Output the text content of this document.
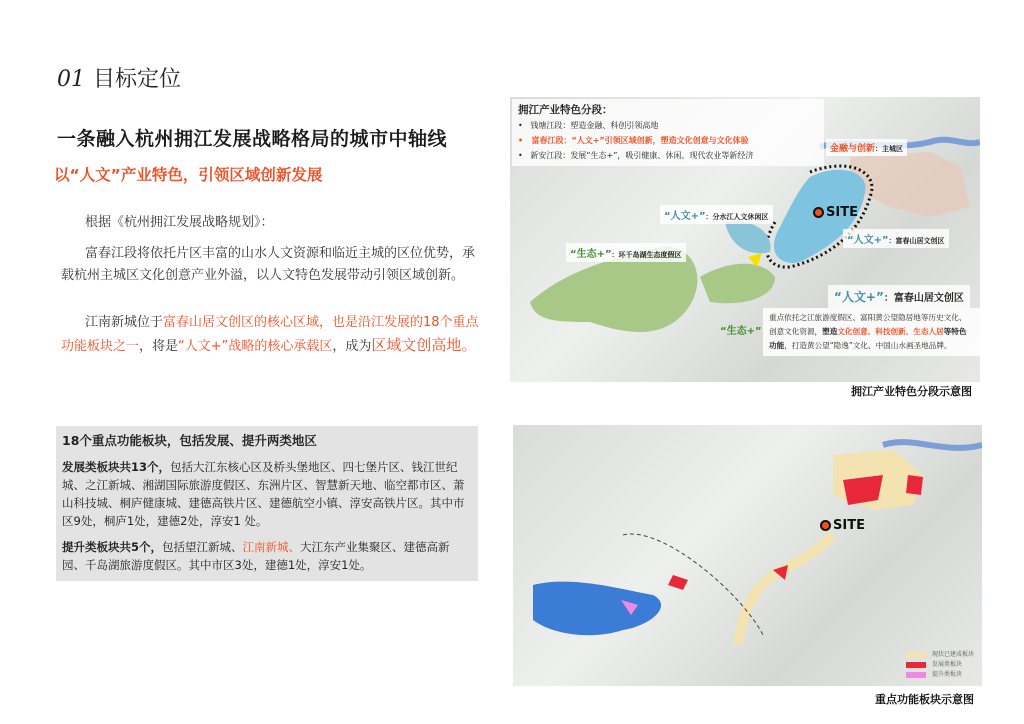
01 目标定位
一条融入杭州拥江发展战略格局的城市中轴线
以“人文”产业特色，引领区域创新发展
根据《杭州拥江发展战略规划》：
富春江段将依托片区丰富的山水人文资源和临近主城的区位优势，承载杭州主城区文化创意产业外溢，以人文特色发展带动引领区域创新。
江南新城位于富春山居文创区的核心区域，也是沿江发展的18个重点功能板块之一，将是“人文+”战略的核心承载区，成为区域文创高地。
18个重点功能板块，包括发展、提升两类地区

发展类板块共13个，包括大江东核心区及桥头堡地区、四七堡片区、钱江世纪城、之江新城、湘湖国际旅游度假区、东洲片区、智慧新天地、临空都市区、萧山科技城、桐庐健康城、建德高铁片区、建德航空小镇、淳安高铁片区。其中市区9处，桐庐1处，建德2处，淳安1 处。

提升类板块共5个，包括望江新城、江南新城、大江东产业集聚区、建德高新园、千岛湖旅游度假区。其中市区3处，建德1处，淳安1处。

拥江产业特色分段：
•   钱塘江段：塑造金融、科创引领高地
•   富春江段：“人文+”引领区域创新，塑造文化创意与文化体验
•   新安江段：发展“生态+”，吸引健康、休闲、现代农业等新经济
金融与创新：主城区
“人文+”：分水江人文休闲区
“人文+”：富春山居文创区
“生态+”：环千岛湖生态度假区
“生态+”
SITE
“人文+”：富春山居文创区
重点依托之江旅游度假区、富阳黄公望隐居地等历史文化、创意文化资源，塑造文化创意、科技创新、生态人居等特色功能，打造黄公望“隐逸”文化、中国山水画圣地品牌。
拥江产业特色分段示意图
SITE
现状已建成板块
发展类板块
提升类板块
重点功能板块示意图
